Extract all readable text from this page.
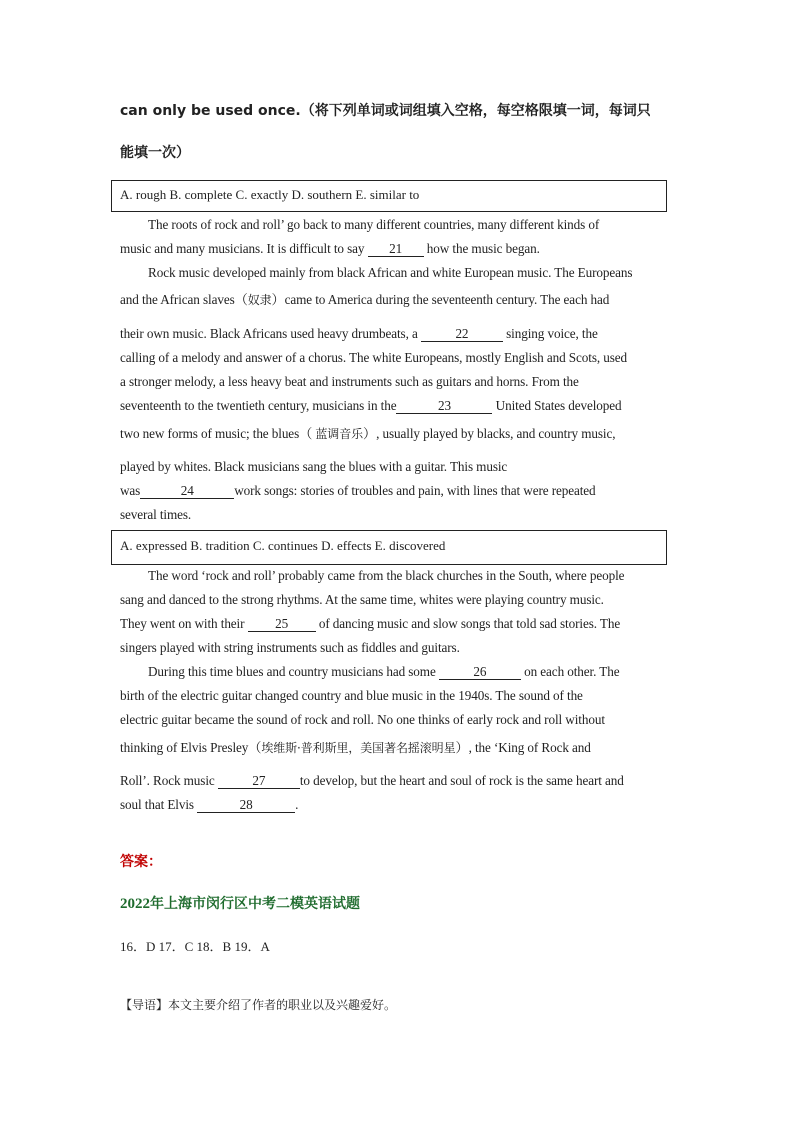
can only be used once.（将下列单词或词组填入空格，每空格限填一词，每词只
能填一次）
A. rough B. complete C. exactly D. southern E. similar to
The roots of rock and roll’ go back to many different countries, many different kinds of
music and many musicians. It is difficult to say 21 how the music began.
Rock music developed mainly from black African and white European music. The Europeans
and the African slaves（奴隶）came to America during the seventeenth century. The each had
their own music. Black Africans used heavy drumbeats, a	22	singing voice, the
calling of a melody and answer of a chorus. The white Europeans, mostly English and Scots, used
a stronger melody, a less heavy beat and instruments such as guitars and horns. From the
seventeenth to the twentieth century, musicians in the	23	United States developed
two new forms of music; the blues（ 蓝调音乐）, usually played by blacks, and country music,
played by whites. Black musicians sang the blues with a guitar. This music
was	24	work songs: stories of troubles and pain, with lines that were repeated
several times.
A. expressed B. tradition C. continues D. effects E. discovered
The word ‘rock and roll’ probably came from the black churches in the South, where people
sang and danced to the strong rhythms. At the same time, whites were playing country music.
They went on with their 25 of dancing music and slow songs that told sad stories. The
singers played with string instruments such as fiddles and guitars.
During this time blues and country musicians had some	26	on each other. The
birth of the electric guitar changed country and blue music in the 1940s. The sound of the
electric guitar became the sound of rock and roll. No one thinks of early rock and roll without
thinking of Elvis Presley（埃维斯·普利斯里，美国著名摇滚明星）, the ‘King of Rock and
Roll’. Rock music	27	to develop, but the heart and soul of rock is the same heart and
soul that Elvis	28	.
答案：
2022年上海市闵行区中考二模英语试题
16．D 17．C 18．B 19．A
【导语】本文主要介绍了作者的职业以及兴趣爱好。
